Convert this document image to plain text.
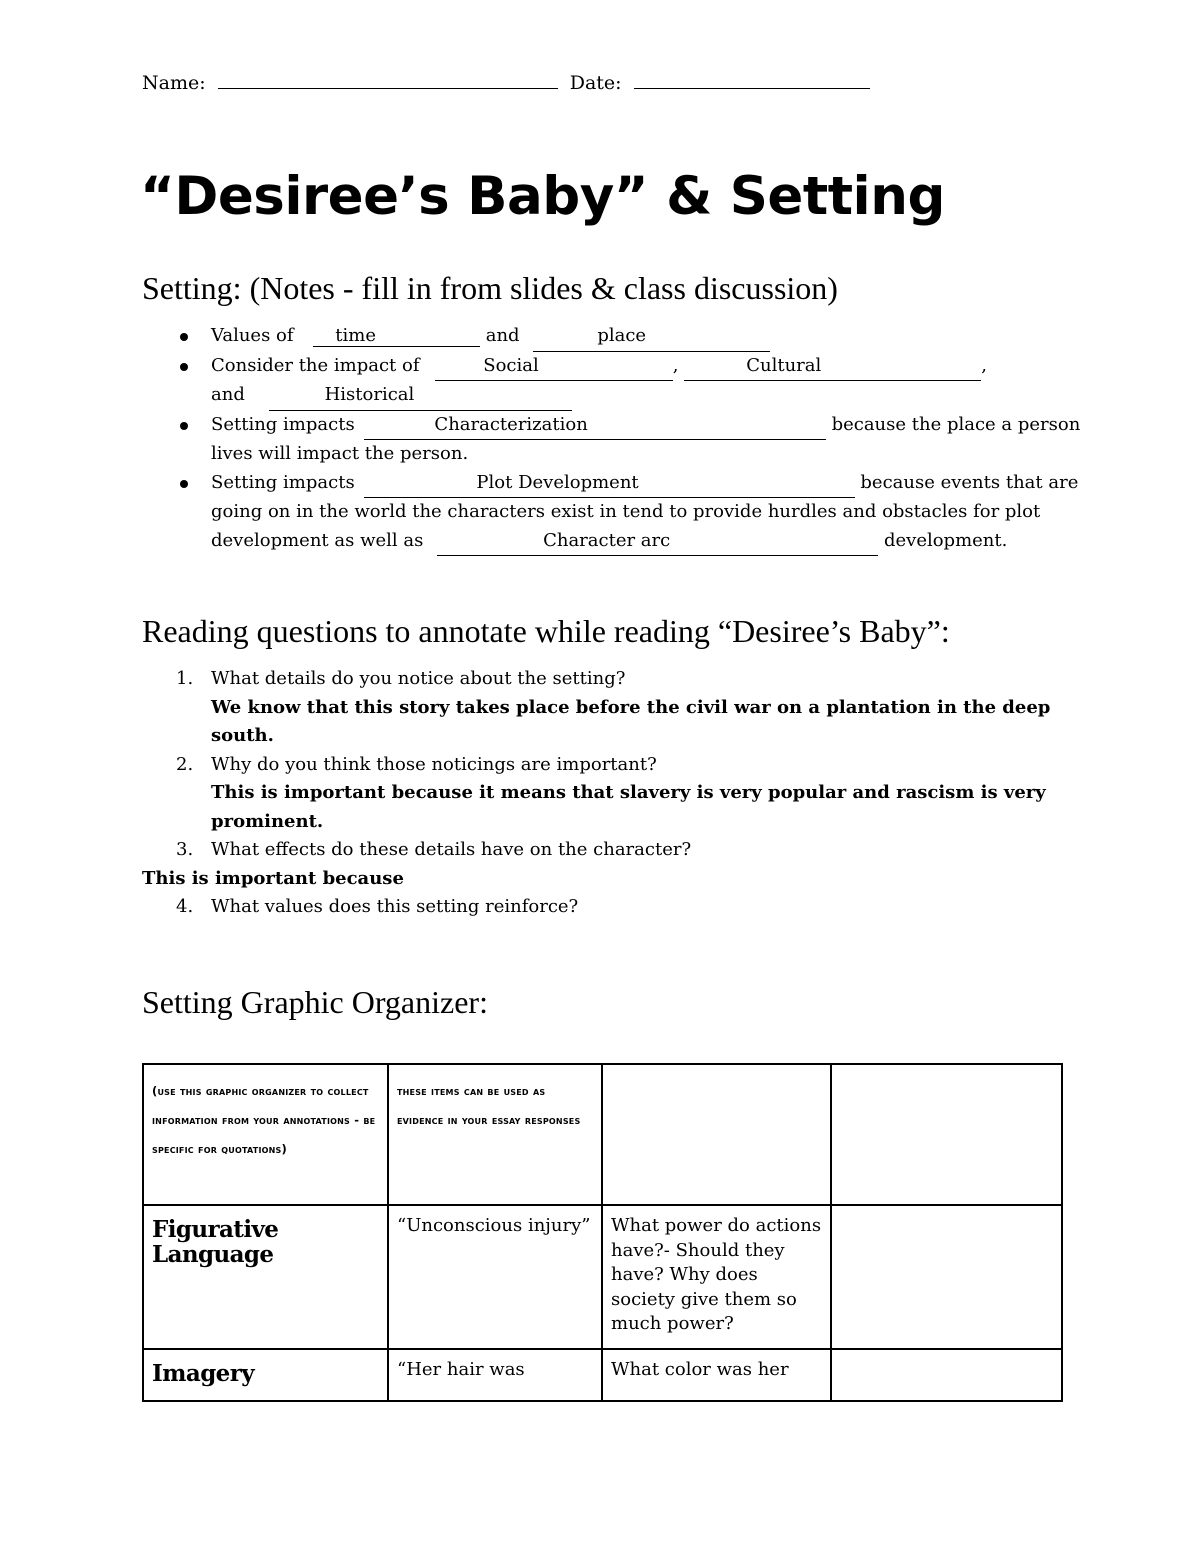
Name:	Date:
“Desiree’s Baby” & Setting
Setting: (Notes - fill in from slides & class discussion)
Values of time	and	place
Consider the impact of	Social	,	Cultural	,
and	Historical
Setting impacts	Characterization	because the place a person lives will impact the person.
Setting impacts	Plot Development	because events that are going on in the world the characters exist in tend to provide hurdles and obstacles for plot development as well as	Character arc	development.
Reading questions to annotate while reading “Desiree’s Baby”:
1. What details do you notice about the setting?
We know that this story takes place before the civil war on a plantation in the deep south.
2. Why do you think those noticings are important?
This is important because it means that slavery is very popular and rascism is very prominent.
3. What effects do these details have on the character?
This is important because
4. What values does this setting reinforce?
Setting Graphic Organizer:
(use this graphic organizer to collect information from your annotations - be specific for quotations)	these items can be used as evidence in your essay responses		

Figurative Language	“Unconscious injury”	What power do actions have?- Should they have? Why does society give them so much power?	

Imagery	“Her hair was	What color was her	
